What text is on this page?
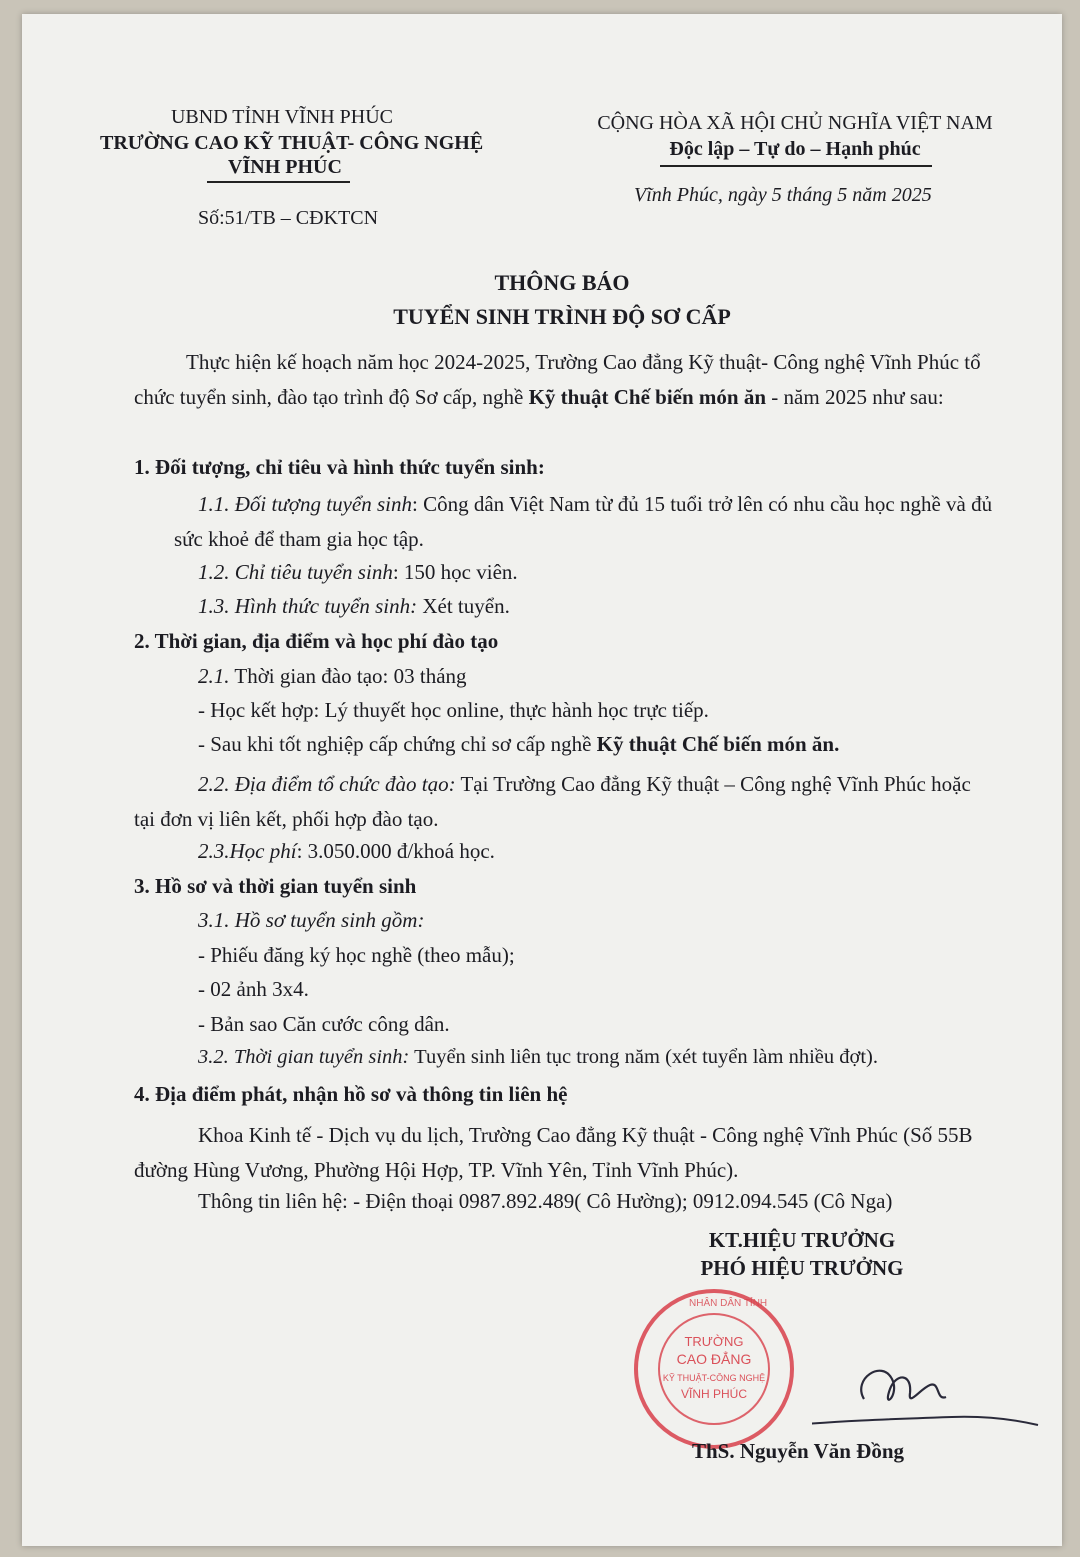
UBND TỈNH VĨNH PHÚC
TRƯỜNG CAO KỸ THUẬT- CÔNG NGHỆ
VĨNH PHÚC
Số:51/TB – CĐKTCN
CỘNG HÒA XÃ HỘI CHỦ NGHĨA VIỆT NAM
Độc lập – Tự do – Hạnh phúc
Vĩnh Phúc, ngày 5 tháng 5 năm 2025
THÔNG BÁO
TUYỂN SINH TRÌNH ĐỘ SƠ CẤP
Thực hiện kế hoạch năm học 2024-2025, Trường Cao đẳng Kỹ thuật- Công nghệ Vĩnh Phúc tổ chức tuyển sinh, đào tạo trình độ Sơ cấp, nghề Kỹ thuật Chế biến món ăn - năm 2025 như sau:
1. Đối tượng, chỉ tiêu và hình thức tuyển sinh:
1.1. Đối tượng tuyển sinh: Công dân Việt Nam từ đủ 15 tuổi trở lên có nhu cầu học nghề và đủ sức khoẻ để tham gia học tập.
1.2. Chỉ tiêu tuyển sinh: 150 học viên.
1.3. Hình thức tuyển sinh: Xét tuyển.
2. Thời gian, địa điểm và học phí đào tạo
2.1. Thời gian đào tạo: 03 tháng
- Học kết hợp: Lý thuyết học online, thực hành học trực tiếp.
- Sau khi tốt nghiệp cấp chứng chỉ sơ cấp nghề Kỹ thuật Chế biến món ăn.
2.2. Địa điểm tổ chức đào tạo: Tại Trường Cao đẳng Kỹ thuật – Công nghệ Vĩnh Phúc hoặc tại đơn vị liên kết, phối hợp đào tạo.
2.3.Học phí: 3.050.000 đ/khoá học.
3. Hồ sơ và thời gian tuyển sinh
3.1. Hồ sơ tuyển sinh gồm:
- Phiếu đăng ký học nghề (theo mẫu);
- 02 ảnh 3x4.
- Bản sao Căn cước công dân.
3.2. Thời gian tuyển sinh: Tuyển sinh liên tục trong năm (xét tuyển làm nhiều đợt).
4. Địa điểm phát, nhận hồ sơ và thông tin liên hệ
Khoa Kinh tế - Dịch vụ du lịch, Trường Cao đẳng Kỹ thuật - Công nghệ Vĩnh Phúc (Số 55B đường Hùng Vương, Phường Hội Hợp, TP. Vĩnh Yên, Tỉnh Vĩnh Phúc).
Thông tin liên hệ: - Điện thoại 0987.892.489( Cô Hường); 0912.094.545 (Cô Nga)
KT.HIỆU TRƯỞNG
PHÓ HIỆU TRƯỞNG
TRƯỜNG
CAO ĐẲNG
KỸ THUẬT-CÔNG NGHỆ
VĨNH PHÚC
NHÂN DÂN TỈNH
ThS. Nguyễn Văn Đồng
